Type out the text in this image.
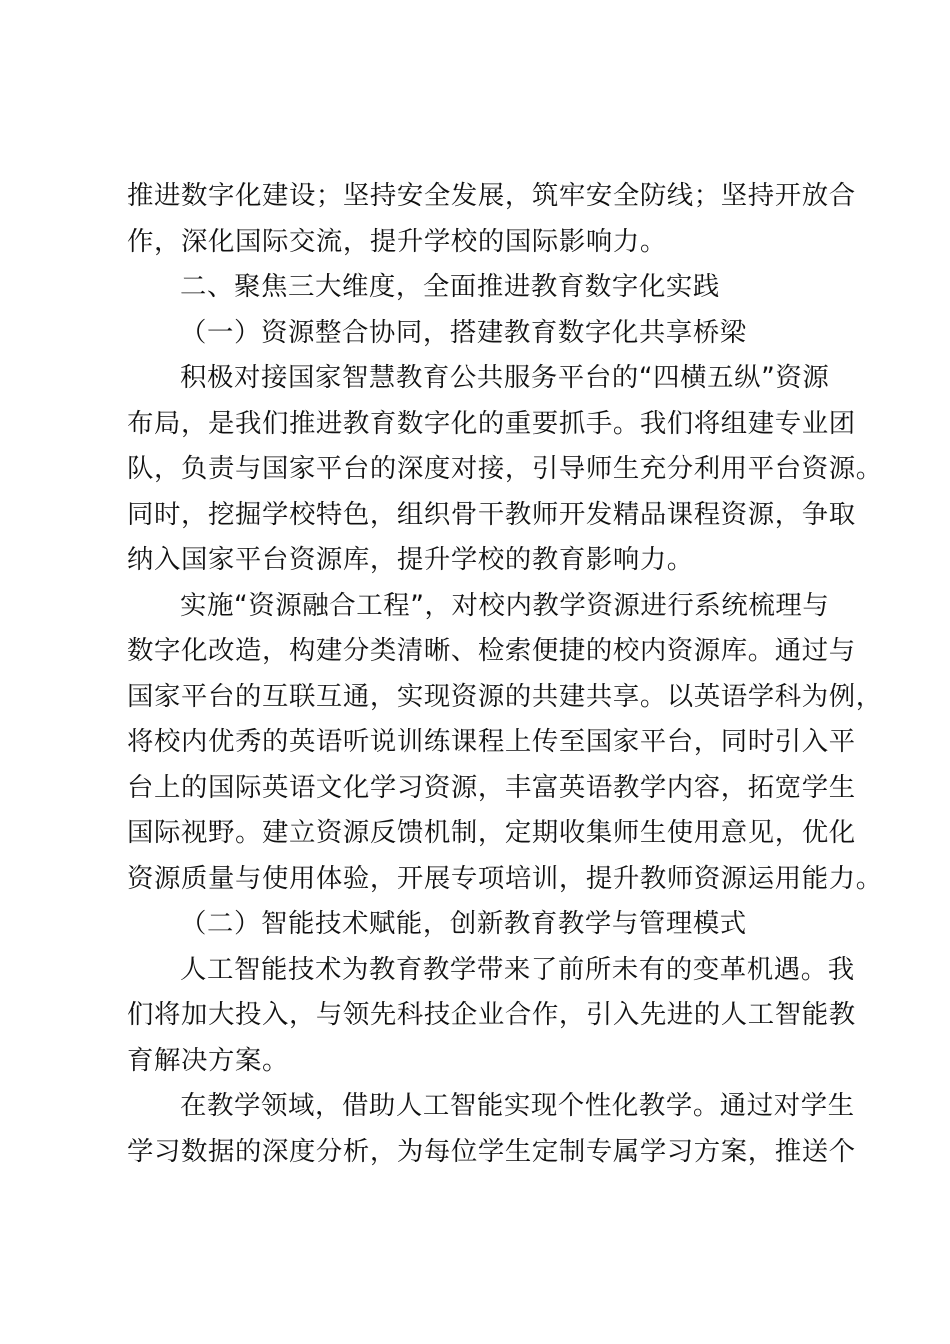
推进数字化建设；坚持安全发展，筑牢安全防线；坚持开放合
作，深化国际交流，提升学校的国际影响力。
二、聚焦三大维度，全面推进教育数字化实践
（一）资源整合协同，搭建教育数字化共享桥梁
积极对接国家智慧教育公共服务平台的“四横五纵”资源
布局，是我们推进教育数字化的重要抓手。我们将组建专业团
队，负责与国家平台的深度对接，引导师生充分利用平台资源。
同时，挖掘学校特色，组织骨干教师开发精品课程资源，争取
纳入国家平台资源库，提升学校的教育影响力。
实施“资源融合工程”，对校内教学资源进行系统梳理与
数字化改造，构建分类清晰、检索便捷的校内资源库。通过与
国家平台的互联互通，实现资源的共建共享。以英语学科为例，
将校内优秀的英语听说训练课程上传至国家平台，同时引入平
台上的国际英语文化学习资源，丰富英语教学内容，拓宽学生
国际视野。建立资源反馈机制，定期收集师生使用意见，优化
资源质量与使用体验，开展专项培训，提升教师资源运用能力。
（二）智能技术赋能，创新教育教学与管理模式
人工智能技术为教育教学带来了前所未有的变革机遇。我
们将加大投入，与领先科技企业合作，引入先进的人工智能教
育解决方案。
在教学领域，借助人工智能实现个性化教学。通过对学生
学习数据的深度分析，为每位学生定制专属学习方案，推送个
